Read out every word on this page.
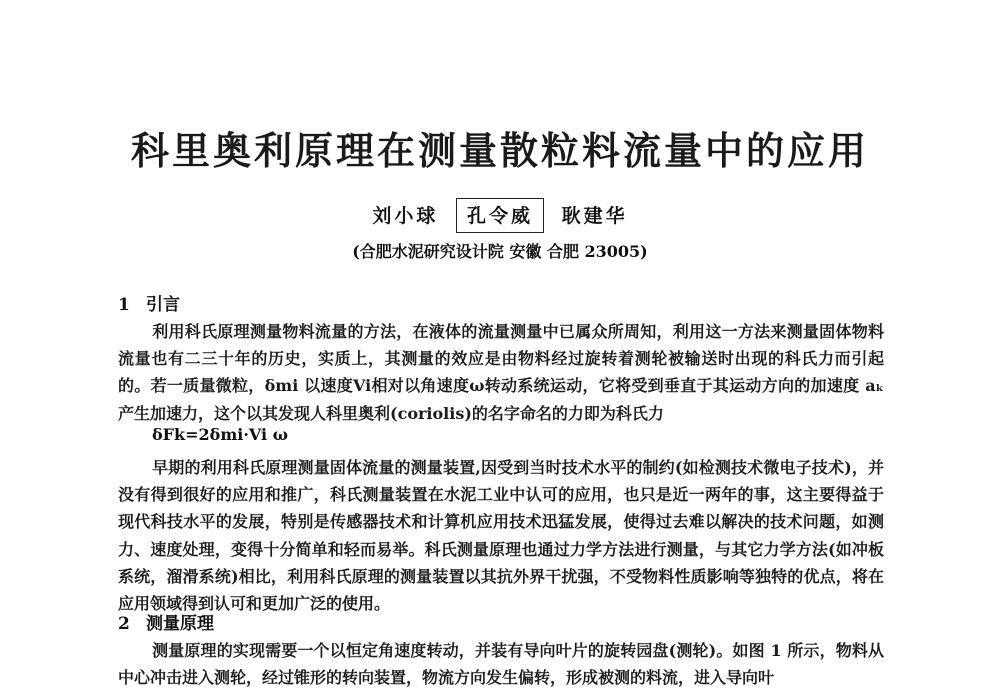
科里奥利原理在测量散粒料流量中的应用
刘小球 孔令威 耿建华
(合肥水泥研究设计院 安徽 合肥 23005)
1 引言
利用科氏原理测量物料流量的方法，在液体的流量测量中已属众所周知，利用这一方法来测量固体物料流量也有二三十年的历史，实质上，其测量的效应是由物料经过旋转着测轮被输送时出现的科氏力而引起的。若一质量微粒，δmi 以速度Vi相对以角速度ω转动系统运动，它将受到垂直于其运动方向的加速度 aₖ产生加速力，这个以其发现人科里奥利(coriolis)的名字命名的力即为科氏力
δFk=2δmi·Vi ω
早期的利用科氏原理测量固体流量的测量装置,因受到当时技术水平的制约(如检测技术微电子技术)，并没有得到很好的应用和推广，科氏测量装置在水泥工业中认可的应用，也只是近一两年的事，这主要得益于现代科技水平的发展，特别是传感器技术和计算机应用技术迅猛发展，使得过去难以解决的技术问题，如测力、速度处理，变得十分简单和轻而易举。科氏测量原理也通过力学方法进行测量，与其它力学方法(如冲板系统，溜滑系统)相比，利用科氏原理的测量装置以其抗外界干扰强，不受物料性质影响等独特的优点，将在应用领域得到认可和更加广泛的使用。
2 测量原理
测量原理的实现需要一个以恒定角速度转动，并装有导向叶片的旋转园盘(测轮)。如图 1 所示，物料从中心冲击进入测轮，经过锥形的转向装置，物流方向发生偏转，形成被测的料流，进入导向叶
